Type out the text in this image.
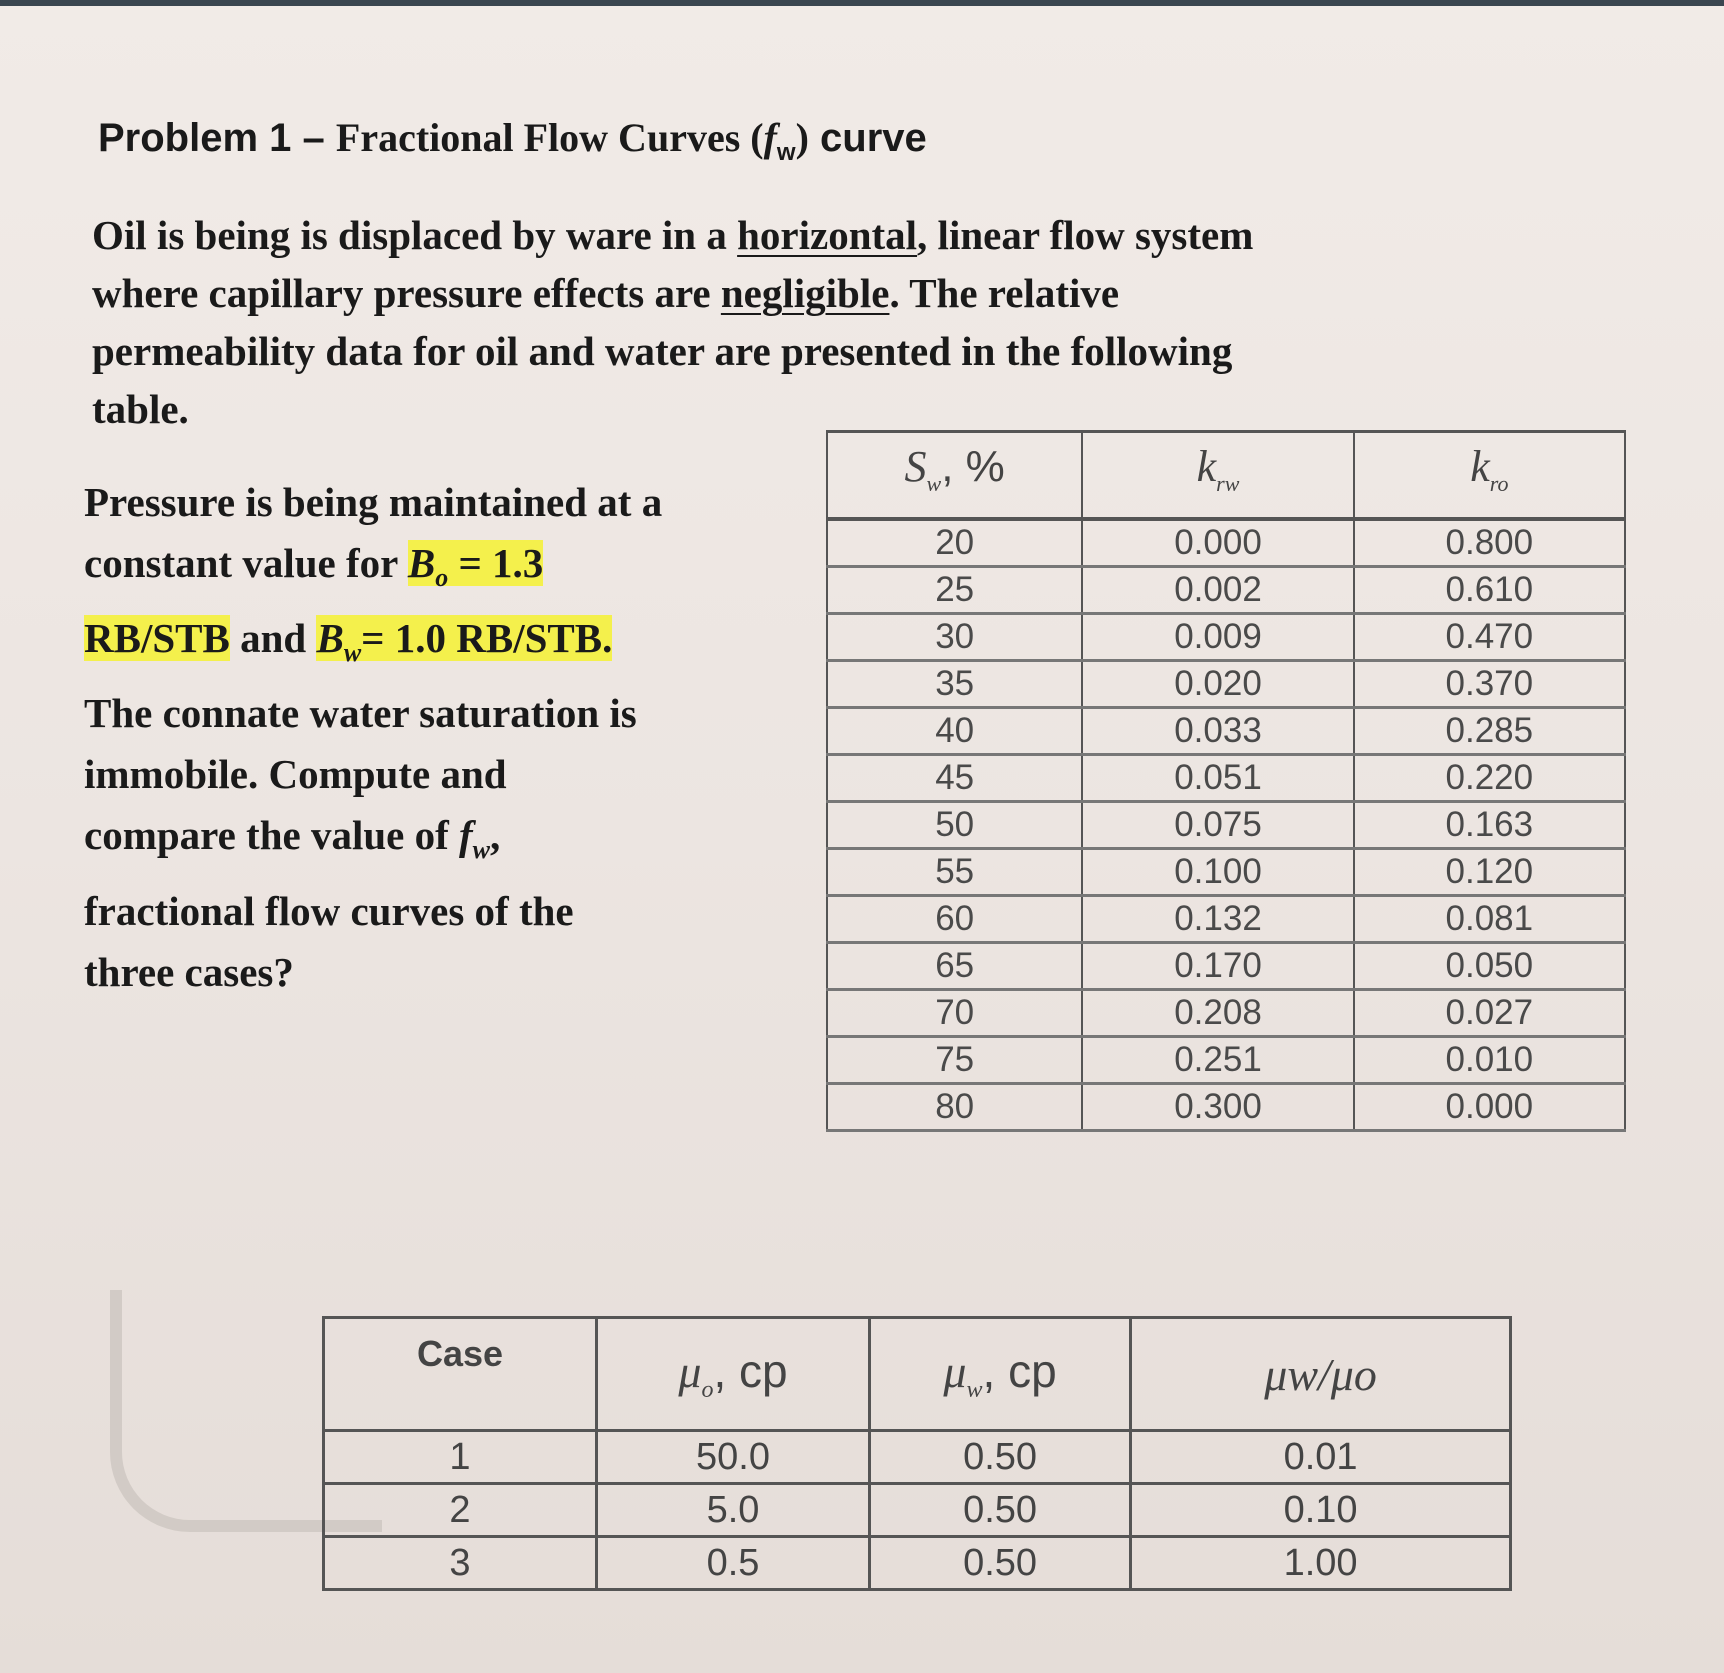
Problem 1 – Fractional Flow Curves $(f_w)$ curve
Oil is being is displaced by ware in a horizontal, linear flow system
where capillary pressure effects are negligible. The relative
permeability data for oil and water are presented in the following
table.
Pressure is being maintained at a
constant value for $B_o = 1.3$
RB/STB and $B_w= 1.0$ RB/STB.
The connate water saturation is
immobile. Compute and
compare the value of $f_w$,
fractional flow curves of the
three cases?
$S_w$, %	$k_{rw}$	$k_{ro}$
20	0.000	0.800
25	0.002	0.610
30	0.009	0.470
35	0.020	0.370
40	0.033	0.285
45	0.051	0.220
50	0.075	0.163
55	0.100	0.120
60	0.132	0.081
65	0.170	0.050
70	0.208	0.027
75	0.251	0.010
80	0.300	0.000
Case	$\mu_o$, cp	$\mu_w$, cp	μw/μo
1	50.0	0.50	0.01
2	5.0	0.50	0.10
3	0.5	0.50	1.00
